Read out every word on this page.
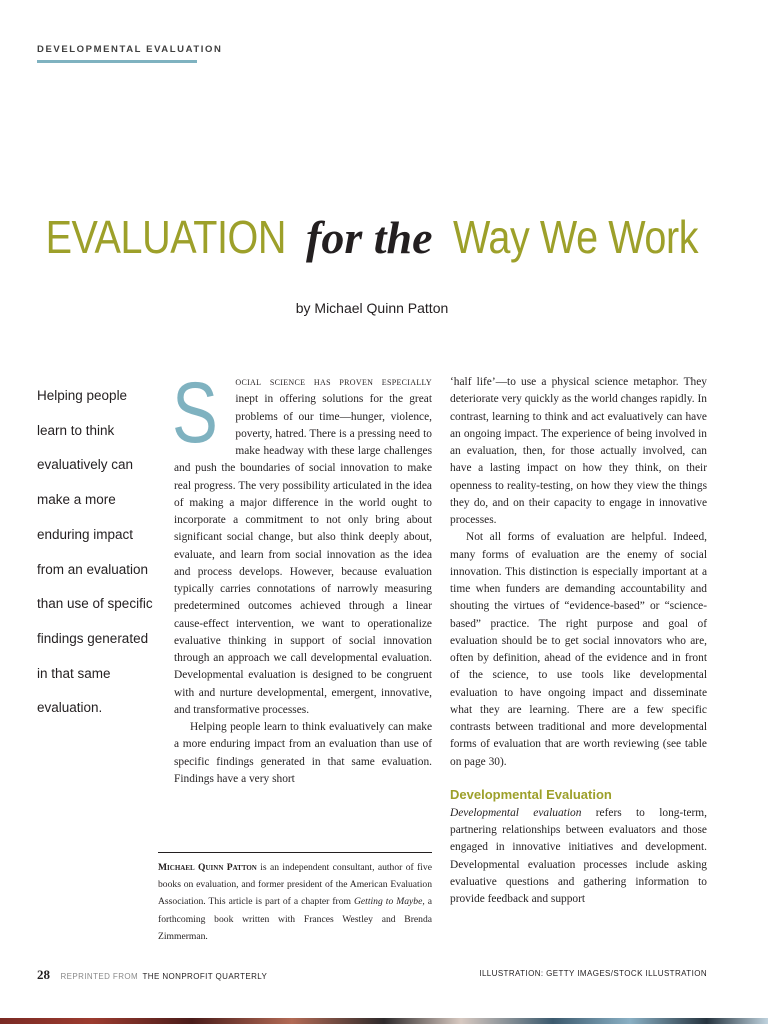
DEVELOPMENTAL EVALUATION
EVALUATION for the Way We Work
by Michael Quinn Patton
Helping people learn to think evaluatively can make a more enduring impact from an evaluation than use of specific findings generated in that same evaluation.

S ocial science has proven especially inept in offering solutions for the great problems of our time—hunger, violence, poverty, hatred. There is a pressing need to make headway with these large challenges and push the boundaries of social innovation to make real progress. The very possibility articulated in the idea of making a major difference in the world ought to incorporate a commitment to not only bring about significant social change, but also think deeply about, evaluate, and learn from social innovation as the idea and process develops. However, because evaluation typically carries connotations of narrowly measuring predetermined outcomes achieved through a linear cause-effect intervention, we want to operationalize evaluative thinking in support of social innovation through an approach we call developmental evaluation. Developmental evaluation is designed to be congruent with and nurture developmental, emergent, innovative, and transformative processes.

Helping people learn to think evaluatively can make a more enduring impact from an evaluation than use of specific findings generated in that same evaluation. Findings have a very short

‘half life’—to use a physical science metaphor. They deteriorate very quickly as the world changes rapidly. In contrast, learning to think and act evaluatively can have an ongoing impact. The experience of being involved in an evaluation, then, for those actually involved, can have a lasting impact on how they think, on their openness to reality-testing, on how they view the things they do, and on their capacity to engage in innovative processes.

Not all forms of evaluation are helpful. Indeed, many forms of evaluation are the enemy of social innovation. This distinction is especially important at a time when funders are demanding accountability and shouting the virtues of “evidence-based” or “science-based” practice. The right purpose and goal of evaluation should be to get social innovators who are, often by definition, ahead of the evidence and in front of the science, to use tools like developmental evaluation to have ongoing impact and disseminate what they are learning. There are a few specific contrasts between traditional and more developmental forms of evaluation that are worth reviewing (see table on page 30).

Developmental Evaluation

Developmental evaluation refers to long-term, partnering relationships between evaluators and those engaged in innovative initiatives and development. Developmental evaluation processes include asking evaluative questions and gathering information to provide feedback and support

Michael Quinn Patton is an independent consultant, author of five books on evaluation, and former president of the American Evaluation Association. This article is part of a chapter from Getting to Maybe, a forthcoming book written with Frances Westley and Brenda Zimmerman.
28 REPRINTED FROM THE NONPROFIT QUARTERLY	ILLUSTRATION: GETTY IMAGES/STOCK ILLUSTRATION
